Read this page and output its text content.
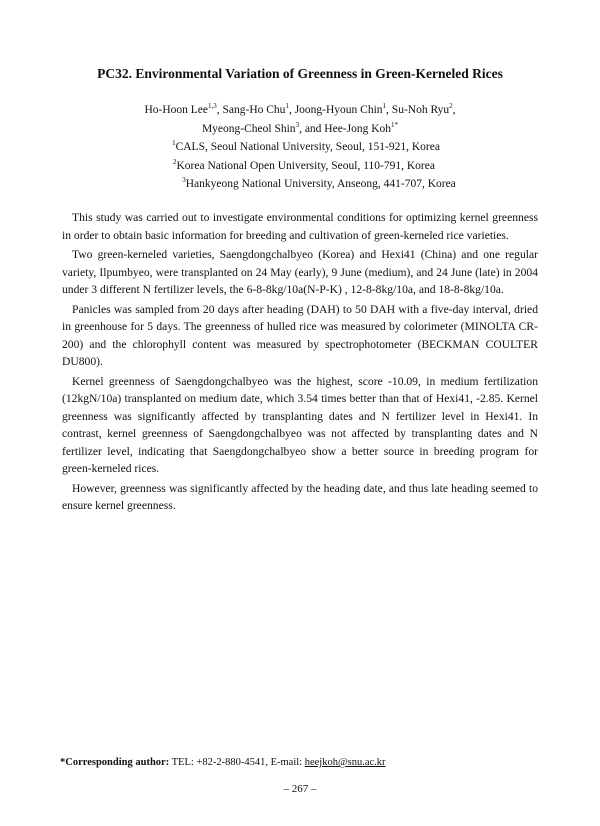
PC32. Environmental Variation of Greenness in Green-Kerneled Rices
Ho-Hoon Lee$^{1,3}$, Sang-Ho Chu$^1$, Joong-Hyoun Chin$^1$, Su-Noh Ryu$^2$,
Myeong-Cheol Shin$^3$, and Hee-Jong Koh$^{1*}$
$^1$CALS, Seoul National University, Seoul, 151-921, Korea
$^2$Korea National Open University, Seoul, 110-791, Korea
$^3$Hankyeong National University, Anseong, 441-707, Korea

This study was carried out to investigate environmental conditions for optimizing kernel greenness in order to obtain basic information for breeding and cultivation of green-kerneled rice varieties.

Two green-kerneled varieties, Saengdongchalbyeo (Korea) and Hexi41 (China) and one regular variety, Ilpumbyeo, were transplanted on 24 May (early), 9 June (medium), and 24 June (late) in 2004 under 3 different N fertilizer levels, the 6-8-8kg/10a(N-P-K) , 12-8-8kg/10a, and 18-8-8kg/10a.

Panicles was sampled from 20 days after heading (DAH) to 50 DAH with a five-day interval, dried in greenhouse for 5 days. The greenness of hulled rice was measured by colorimeter (MINOLTA CR-200) and the chlorophyll content was measured by spectrophotometer (BECKMAN COULTER DU800).

Kernel greenness of Saengdongchalbyeo was the highest, score -10.09, in medium fertilization (12kgN/10a) transplanted on medium date, which 3.54 times better than that of Hexi41, -2.85. Kernel greenness was significantly affected by transplanting dates and N fertilizer level in Hexi41. In contrast, kernel greenness of Saengdongchalbyeo was not affected by transplanting dates and N fertilizer level, indicating that Saengdongchalbyeo show a better source in breeding program for green-kerneled rices.

However, greenness was significantly affected by the heading date, and thus late heading seemed to ensure kernel greenness.

*Corresponding author: TEL: +82-2-880-4541, E-mail: heejkoh@snu.ac.kr
– 267 –
